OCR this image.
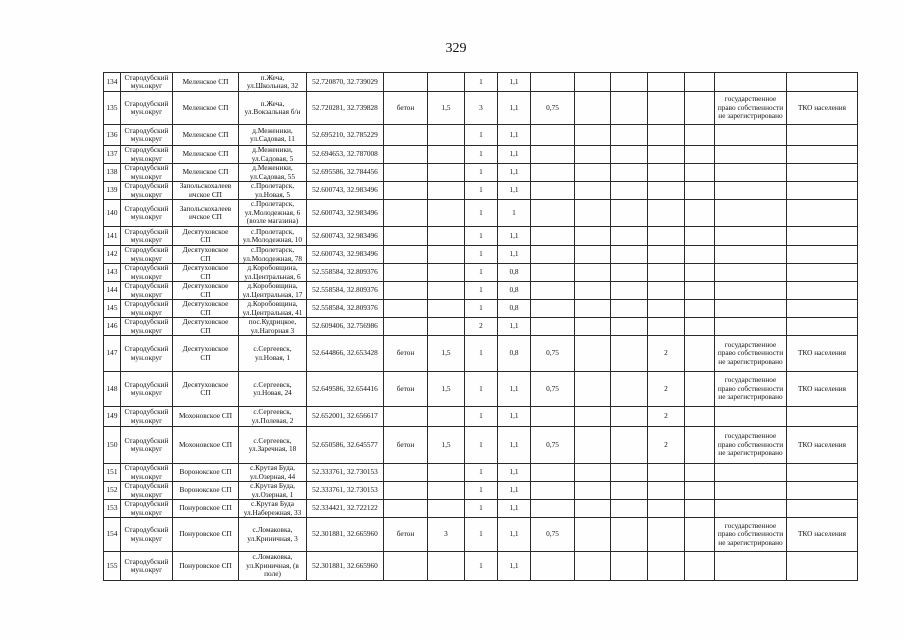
329
134	Стародубский
мун.округ	Меленское СП	п.Жеча,
ул.Школьная, 32	52.720870, 32.739029			1	1,1							
135	Стародубский
мун.округ	Меленское СП	п.Жеча,
ул.Вокзальная б/н	52.720281, 32.739828	бетон	1,5	3	1,1	0,75					государственное
право собственности
не зарегистрировано	ТКО населения
136	Стародубский
мун.округ	Меленское СП	д.Меженики,
ул.Садовая, 11	52.695210, 32.785229			1	1,1							
137	Стародубский
мун.округ	Меленское СП	д.Меженики,
ул.Садовая, 5	52.694653, 32.787008			1	1,1							
138	Стародубский
мун.округ	Меленское СП	д.Меженики,
ул.Садовая, 55	52.695586, 32.784456			1	1,1							
139	Стародубский
мун.округ	Запольскохалеев
ичское СП	с.Пролетарск,
ул.Новая, 5	52.600743, 32.983496			1	1,1							
140	Стародубский
мун.округ	Запольскохалеев
ичское СП	с.Пролетарск,
ул.Молодежная, 6
(возле магазина)	52.600743, 32.983496			1	1							
141	Стародубский
мун.округ	Десятуховское
СП	с.Пролетарск,
ул.Молодежная, 10	52.600743, 32.983496			1	1,1							
142	Стародубский
мун.округ	Десятуховское
СП	с.Пролетарск,
ул.Молодежная, 78	52.600743, 32.983496			1	1,1							
143	Стародубский
мун.округ	Десятуховское
СП	д.Коробовщина,
ул.Центральная, 6	52.558584, 32.809376			1	0,8							
144	Стародубский
мун.округ	Десятуховское
СП	д.Коробовщина,
ул.Центральная, 17	52.558584, 32.809376			1	0,8							
145	Стародубский
мун.округ	Десятуховское
СП	д.Коробовщина,
ул.Центральная, 41	52.558584, 32.809376			1	0,8							
146	Стародубский
мун.округ	Десятуховское
СП	пос.Кудрицкое,
ул.Нагорная 3	52.609406, 32.756986			2	1,1							
147	Стародубский
мун.округ	Десятуховское
СП	с.Сергеевск,
ул.Новая, 1	52.644866, 32.653428	бетон	1,5	1	0,8	0,75			2		государственное
право собственности
не зарегистрировано	ТКО населения
148	Стародубский
мун.округ	Десятуховское
СП	с.Сергеевск,
ул.Новая, 24	52.649586, 32.654416	бетон	1,5	1	1,1	0,75			2		государственное
право собственности
не зарегистрировано	ТКО населения
149	Стародубский
мун.округ	Мохоновское СП	с.Сергеевск,
ул.Полевая, 2	52.652001, 32.656617			1	1,1				2			
150	Стародубский
мун.округ	Мохоновское СП	с.Сергеевск,
ул.Заречная, 18	52.650586, 32.645577	бетон	1,5	1	1,1	0,75			2		государственное
право собственности
не зарегистрировано	ТКО населения
151	Стародубский
мун.округ	Воронокское СП	с.Крутая Буда,
ул.Озерная, 44	52.333761, 32.730153			1	1,1							
152	Стародубский
мун.округ	Воронокское СП	с.Крутая Буда,
ул.Озерная, 1	52.333761, 32.730153			1	1,1							
153	Стародубский
мун.округ	Понуровское СП	с.Крутая Буда
ул.Набережная, 33	52.334421, 32.722122			1	1,1							
154	Стародубский
мун.округ	Понуровское СП	с.Ломаковка,
ул.Криничная, 3	52.301881, 32.665960	бетон	3	1	1,1	0,75					государственное
право собственности
не зарегистрировано	ТКО населения
155	Стародубский
мун.округ	Понуровское СП	с.Ломаковка,
ул.Криничная, (в
поле)	52.301881, 32.665960			1	1,1							
